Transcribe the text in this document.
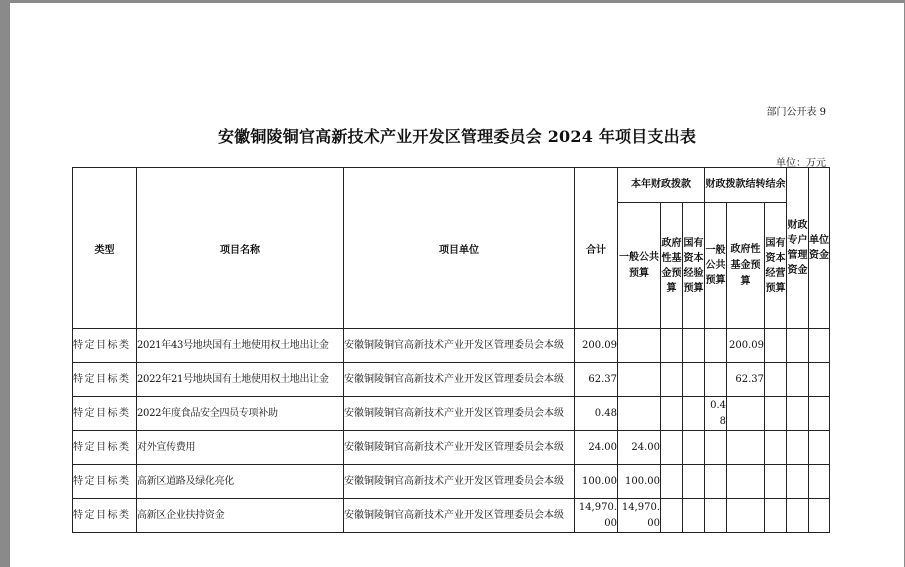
部门公开表 9
安徽铜陵铜官高新技术产业开发区管理委员会 2024 年项目支出表
单位：万元
类型	项目名称	项目单位	合计	本年财政拨款			财政拨款结转结余			财政专户管理资金	单位资金
				一般公共预算	政府性基金预算	国有资本经验预算	一般公共预算	政府性基金预算	国有资本经营预算		
特定目标类	2021年43号地块国有土地使用权土地出让金	安徽铜陵铜官高新技术产业开发区管理委员会本级	200.09					200.09			
特定目标类	2022年21号地块国有土地使用权土地出让金	安徽铜陵铜官高新技术产业开发区管理委员会本级	62.37					62.37			
特定目标类	2022年度食品安全四员专项补助	安徽铜陵铜官高新技术产业开发区管理委员会本级	0.48				0.48				
特定目标类	对外宣传费用	安徽铜陵铜官高新技术产业开发区管理委员会本级	24.00	24.00							
特定目标类	高新区道路及绿化亮化	安徽铜陵铜官高新技术产业开发区管理委员会本级	100.00	100.00							
特定目标类	高新区企业扶持资金	安徽铜陵铜官高新技术产业开发区管理委员会本级	14,970.00	14,970.00							
